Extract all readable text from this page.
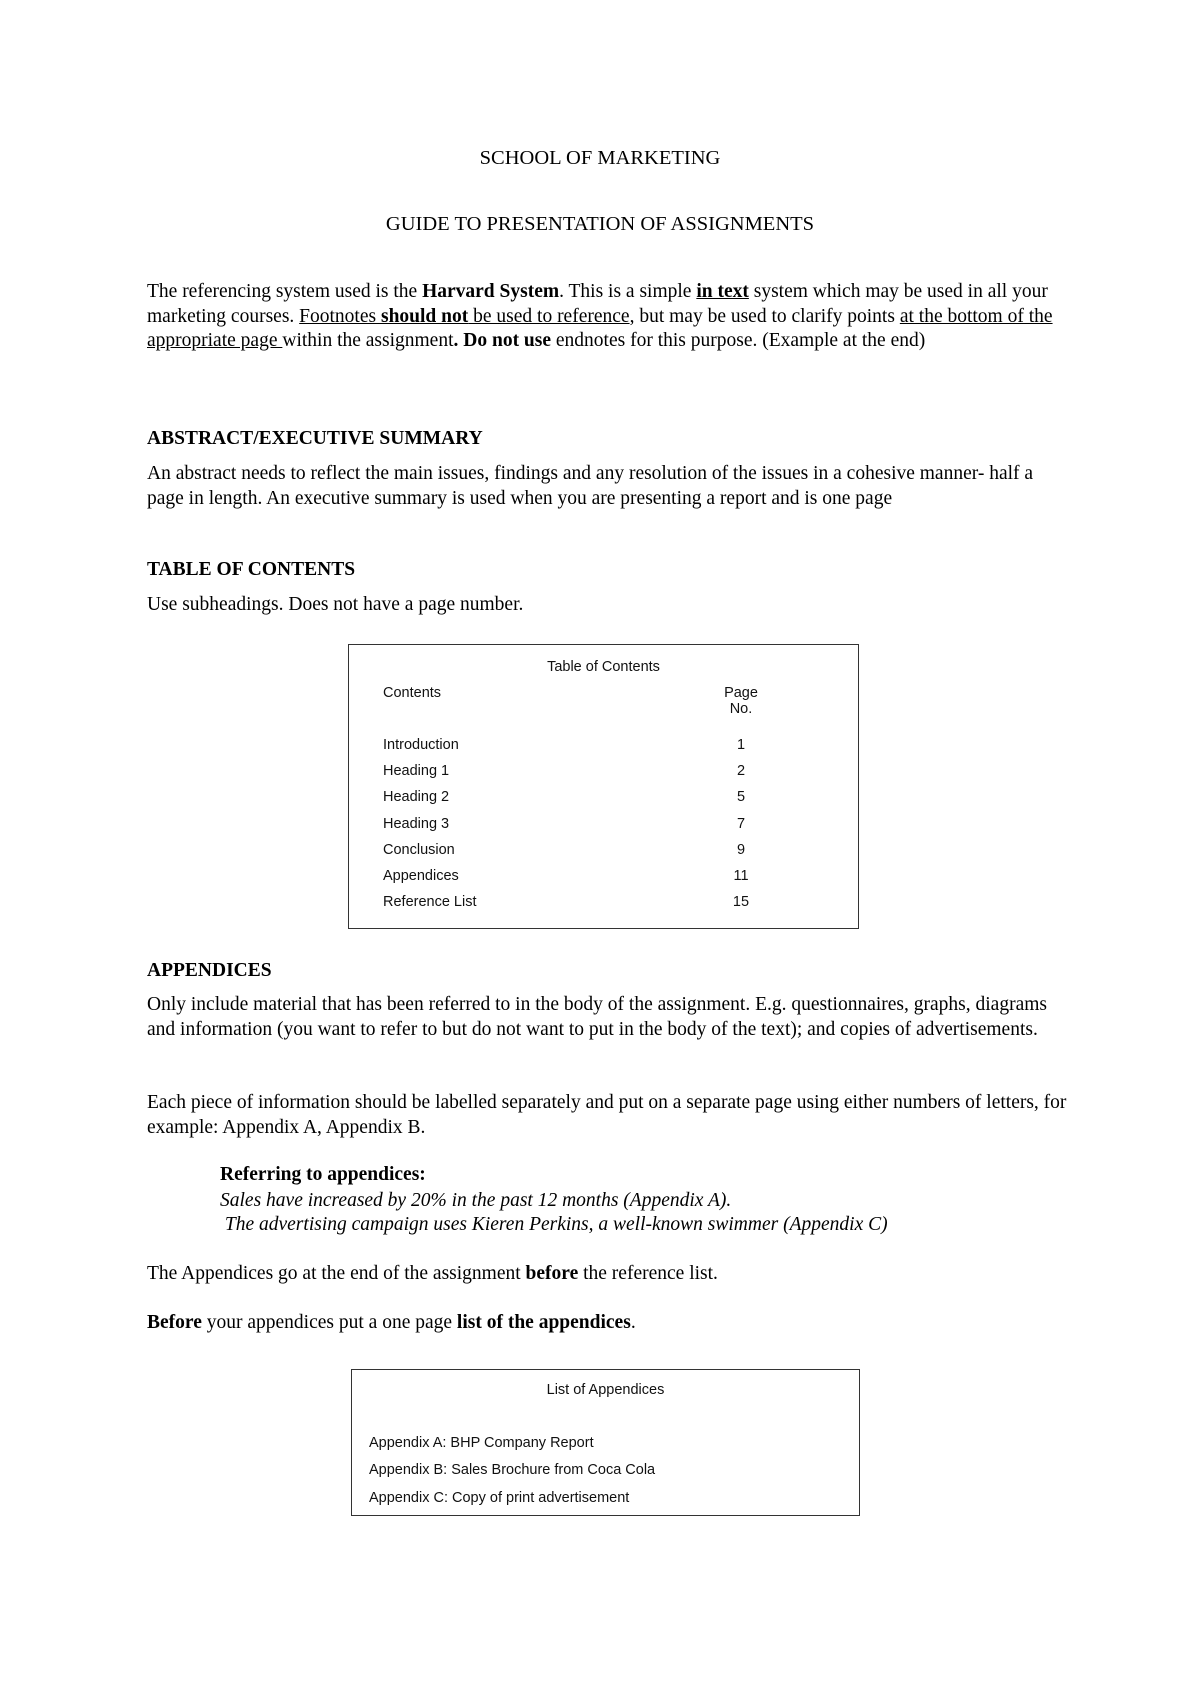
SCHOOL OF MARKETING
GUIDE TO PRESENTATION OF ASSIGNMENTS

The referencing system used is the Harvard System. This is a simple in text system which may be used in all your marketing courses. Footnotes should not be used to reference, but may be used to clarify points at the bottom of the appropriate page within the assignment. Do not use endnotes for this purpose. (Example at the end)

ABSTRACT/EXECUTIVE SUMMARY

An abstract needs to reflect the main issues, findings and any resolution of the issues in a cohesive manner- half a page in length. An executive summary is used when you are presenting a report and is one page

TABLE OF CONTENTS

Use subheadings. Does not have a page number.

Table of Contents
Contents	Page No.
Introduction	1
Heading 1	2
Heading 2	5
Heading 3	7
Conclusion	9
Appendices	11
Reference List	15

APPENDICES

Only include material that has been referred to in the body of the assignment. E.g. questionnaires, graphs, diagrams and information (you want to refer to but do not want to put in the body of the text); and copies of advertisements.

Each piece of information should be labelled separately and put on a separate page using either numbers of letters, for example: Appendix A, Appendix B.

Referring to appendices:

Sales have increased by 20% in the past 12 months (Appendix A).

The advertising campaign uses Kieren Perkins, a well-known swimmer (Appendix C)

The Appendices go at the end of the assignment before the reference list.

Before your appendices put a one page list of the appendices.

List of Appendices
Appendix A: BHP Company Report
Appendix B: Sales Brochure from Coca Cola
Appendix C: Copy of print advertisement
